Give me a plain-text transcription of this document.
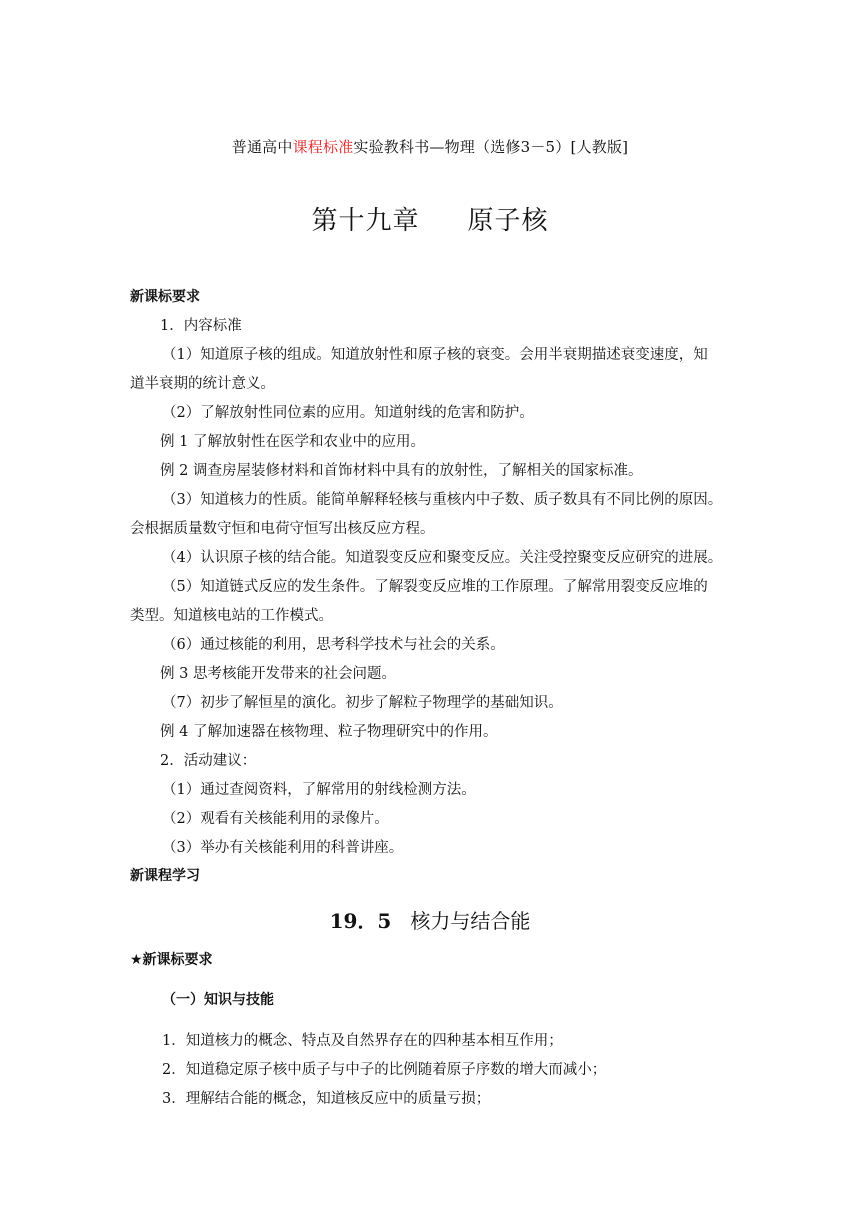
普通高中课程标准实验教科书—物理（选修3－5）[人教版]
第十九章 原子核
新课标要求
1．内容标准
（1）知道原子核的组成。知道放射性和原子核的衰变。会用半衰期描述衰变速度，知
道半衰期的统计意义。
（2）了解放射性同位素的应用。知道射线的危害和防护。
例 1 了解放射性在医学和农业中的应用。
例 2 调查房屋装修材料和首饰材料中具有的放射性，了解相关的国家标准。
（3）知道核力的性质。能简单解释轻核与重核内中子数、质子数具有不同比例的原因。
会根据质量数守恒和电荷守恒写出核反应方程。
（4）认识原子核的结合能。知道裂变反应和聚变反应。关注受控聚变反应研究的进展。
（5）知道链式反应的发生条件。了解裂变反应堆的工作原理。了解常用裂变反应堆的
类型。知道核电站的工作模式。
（6）通过核能的利用，思考科学技术与社会的关系。
例 3 思考核能开发带来的社会问题。
（7）初步了解恒星的演化。初步了解粒子物理学的基础知识。
例 4 了解加速器在核物理、粒子物理研究中的作用。
2．活动建议：
（1）通过查阅资料，了解常用的射线检测方法。
（2）观看有关核能利用的录像片。
（3）举办有关核能利用的科普讲座。
新课程学习
19．5 核力与结合能
★新课标要求
（一）知识与技能
1．知道核力的概念、特点及自然界存在的四种基本相互作用；
2．知道稳定原子核中质子与中子的比例随着原子序数的增大而减小；
3．理解结合能的概念，知道核反应中的质量亏损；
